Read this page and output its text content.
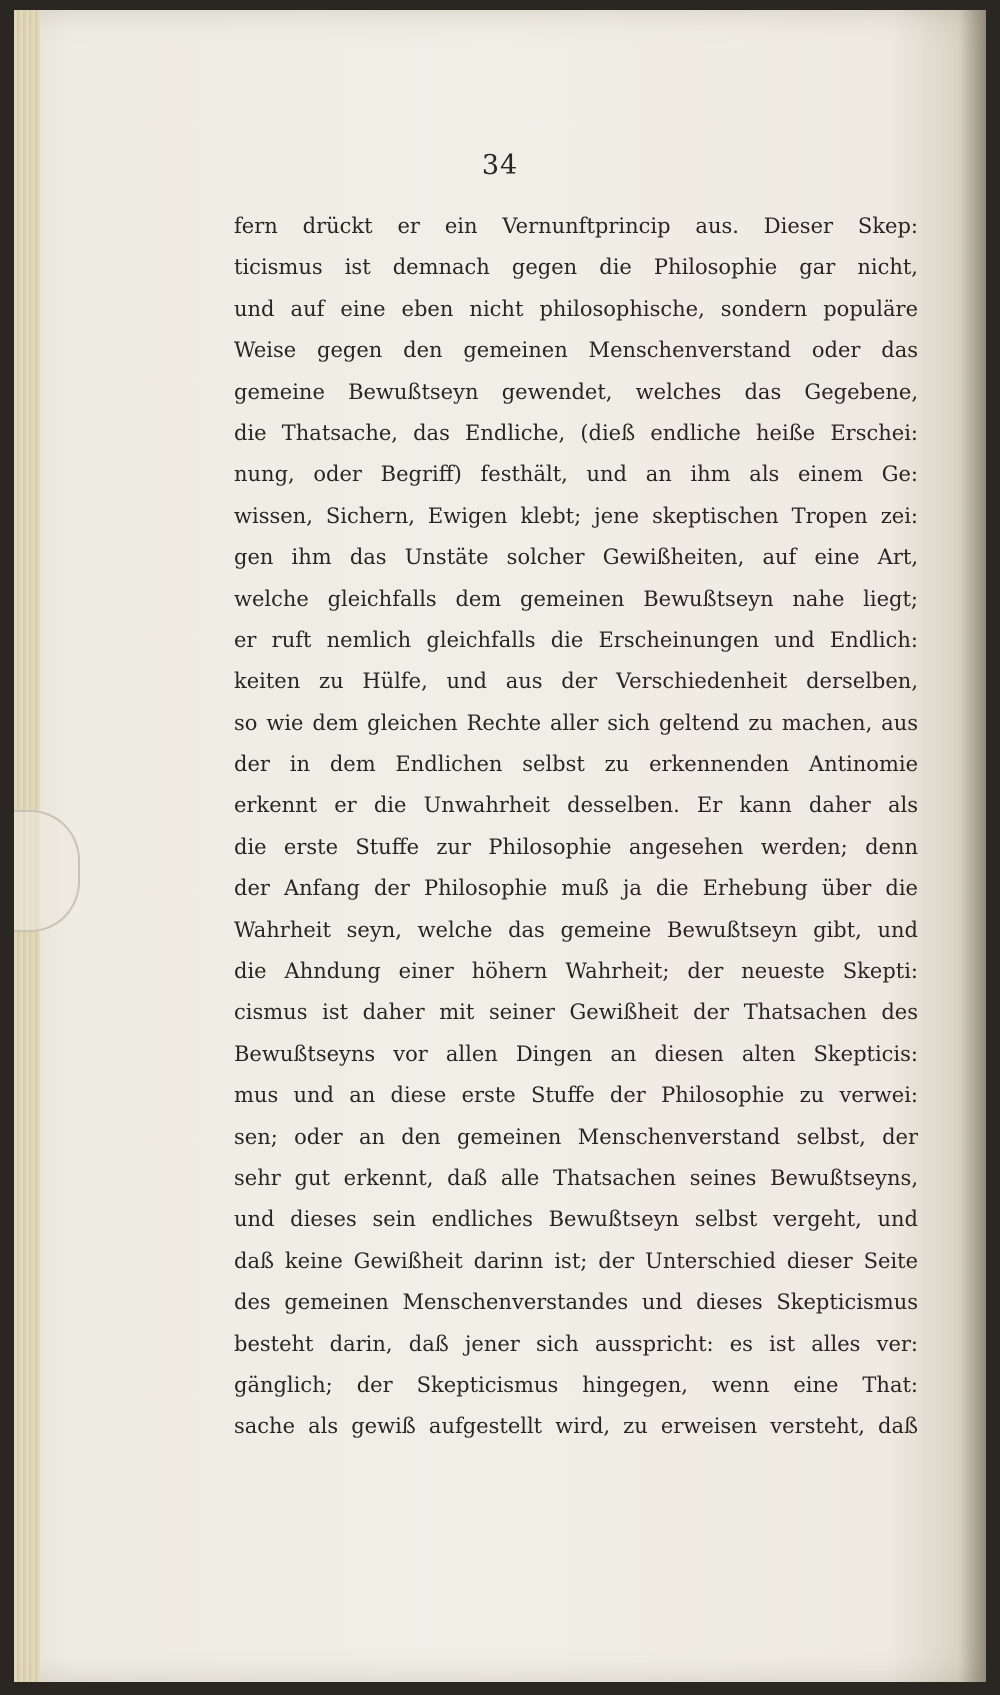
34
fern drückt er ein Vernunftprincip aus. Dieser Skep:
ticismus ist demnach gegen die Philosophie gar nicht,
und auf eine eben nicht philosophische, sondern populäre
Weise gegen den gemeinen Menschenverstand oder das
gemeine Bewußtseyn gewendet, welches das Gegebene,
die Thatsache, das Endliche, (dieß endliche heiße Erschei:
nung, oder Begriff) festhält, und an ihm als einem Ge:
wissen, Sichern, Ewigen klebt; jene skeptischen Tropen zei:
gen ihm das Unstäte solcher Gewißheiten, auf eine Art,
welche gleichfalls dem gemeinen Bewußtseyn nahe liegt;
er ruft nemlich gleichfalls die Erscheinungen und Endlich:
keiten zu Hülfe, und aus der Verschiedenheit derselben,
so wie dem gleichen Rechte aller sich geltend zu machen, aus
der in dem Endlichen selbst zu erkennenden Antinomie
erkennt er die Unwahrheit desselben. Er kann daher als
die erste Stuffe zur Philosophie angesehen werden; denn
der Anfang der Philosophie muß ja die Erhebung über die
Wahrheit seyn, welche das gemeine Bewußtseyn gibt, und
die Ahndung einer höhern Wahrheit; der neueste Skepti:
cismus ist daher mit seiner Gewißheit der Thatsachen des
Bewußtseyns vor allen Dingen an diesen alten Skepticis:
mus und an diese erste Stuffe der Philosophie zu verwei:
sen; oder an den gemeinen Menschenverstand selbst, der
sehr gut erkennt, daß alle Thatsachen seines Bewußtseyns,
und dieses sein endliches Bewußtseyn selbst vergeht, und
daß keine Gewißheit darinn ist; der Unterschied dieser Seite
des gemeinen Menschenverstandes und dieses Skepticismus
besteht darin, daß jener sich ausspricht: es ist alles ver:
gänglich; der Skepticismus hingegen, wenn eine That:
sache als gewiß aufgestellt wird, zu erweisen versteht, daß
